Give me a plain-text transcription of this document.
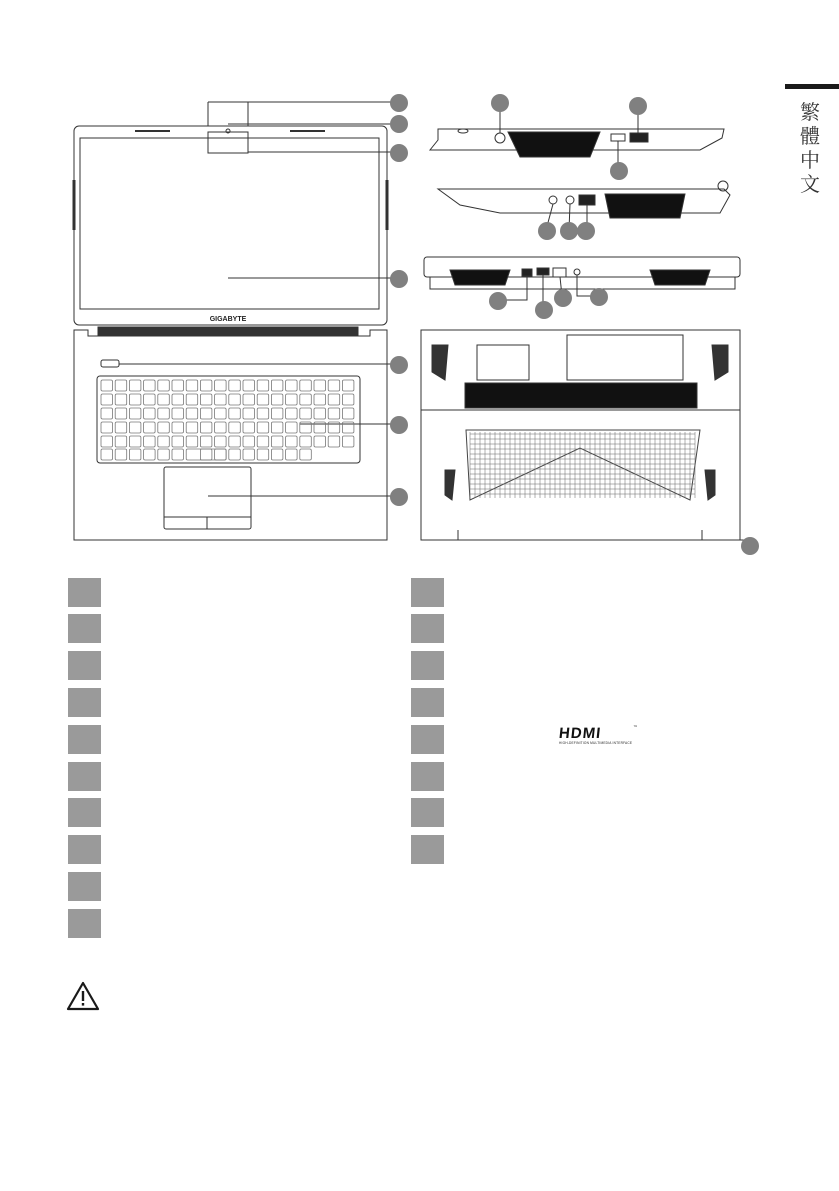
繁
體
中
文
GIGABYTE
HDMI	™
HIGH-DEFINITION MULTIMEDIA INTERFACE
